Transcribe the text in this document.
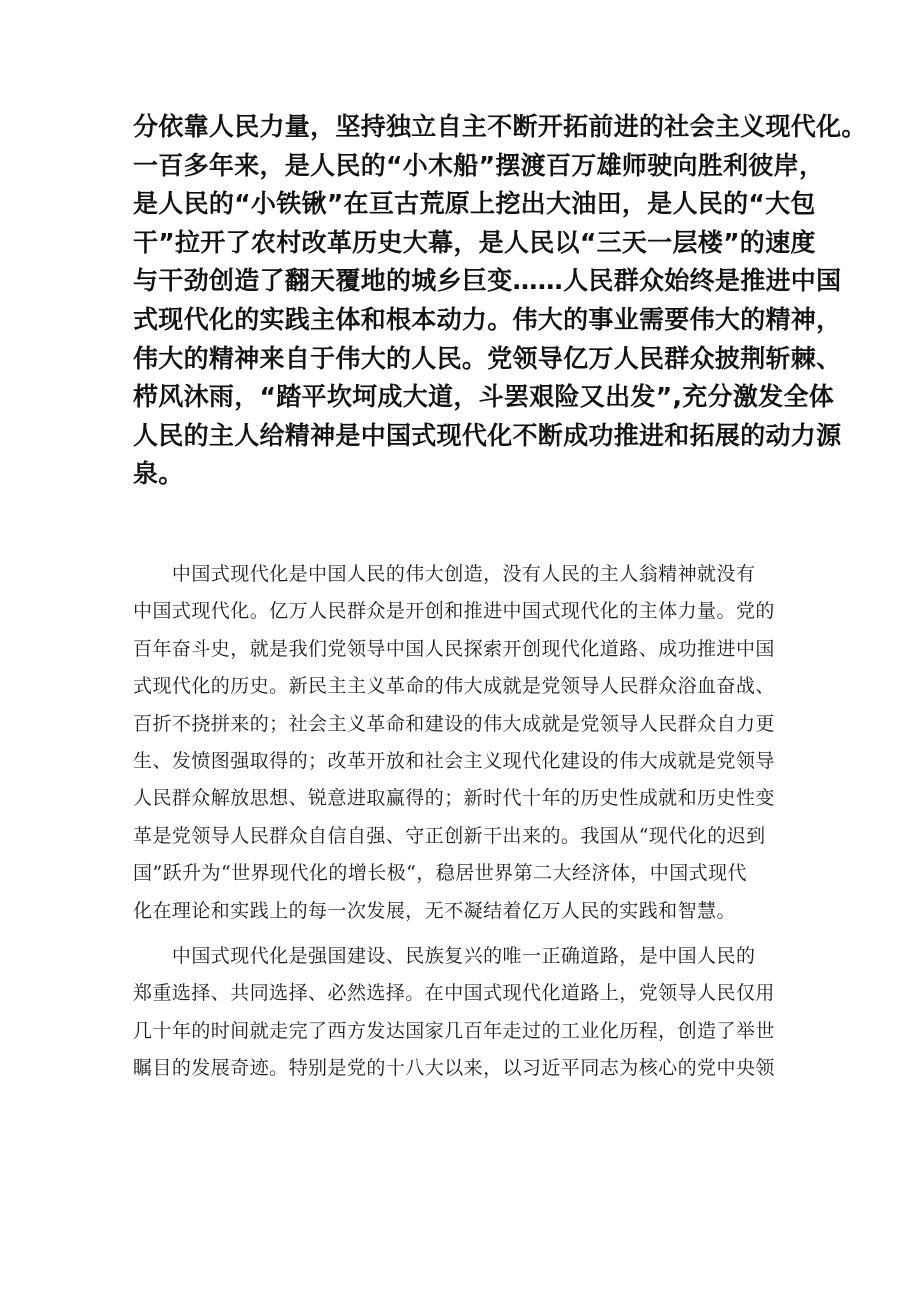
分依靠人民力量，坚持独立自主不断开拓前进的社会主义现代化。
一百多年来，是人民的“小木船”摆渡百万雄师驶向胜利彼岸，
是人民的“小铁锹”在亘古荒原上挖出大油田，是人民的“大包
干”拉开了农村改革历史大幕，是人民以“三天一层楼”的速度
与干劲创造了翻天覆地的城乡巨变……人民群众始终是推进中国
式现代化的实践主体和根本动力。伟大的事业需要伟大的精神，
伟大的精神来自于伟大的人民。党领导亿万人民群众披荆斩棘、
栉风沐雨，“踏平坎坷成大道，斗罢艰险又出发”,充分激发全体
人民的主人给精神是中国式现代化不断成功推进和拓展的动力源
泉。
　　中国式现代化是中国人民的伟大创造，没有人民的主人翁精神就没有
中国式现代化。亿万人民群众是开创和推进中国式现代化的主体力量。党的
百年奋斗史，就是我们党领导中国人民探索开创现代化道路、成功推进中国
式现代化的历史。新民主主义革命的伟大成就是党领导人民群众浴血奋战、
百折不挠拼来的；社会主义革命和建设的伟大成就是党领导人民群众自力更
生、发愤图强取得的；改革开放和社会主义现代化建设的伟大成就是党领导
人民群众解放思想、锐意进取赢得的；新时代十年的历史性成就和历史性变
革是党领导人民群众自信自强、守正创新干出来的。我国从“现代化的迟到
国”跃升为“世界现代化的增长极“，稳居世界第二大经济体，中国式现代
化在理论和实践上的每一次发展，无不凝结着亿万人民的实践和智慧。
　　中国式现代化是强国建设、民族复兴的唯一正确道路，是中国人民的
郑重选择、共同选择、必然选择。在中国式现代化道路上，党领导人民仅用
几十年的时间就走完了西方发达国家几百年走过的工业化历程，创造了举世
瞩目的发展奇迹。特别是党的十八大以来，以习近平同志为核心的党中央领
